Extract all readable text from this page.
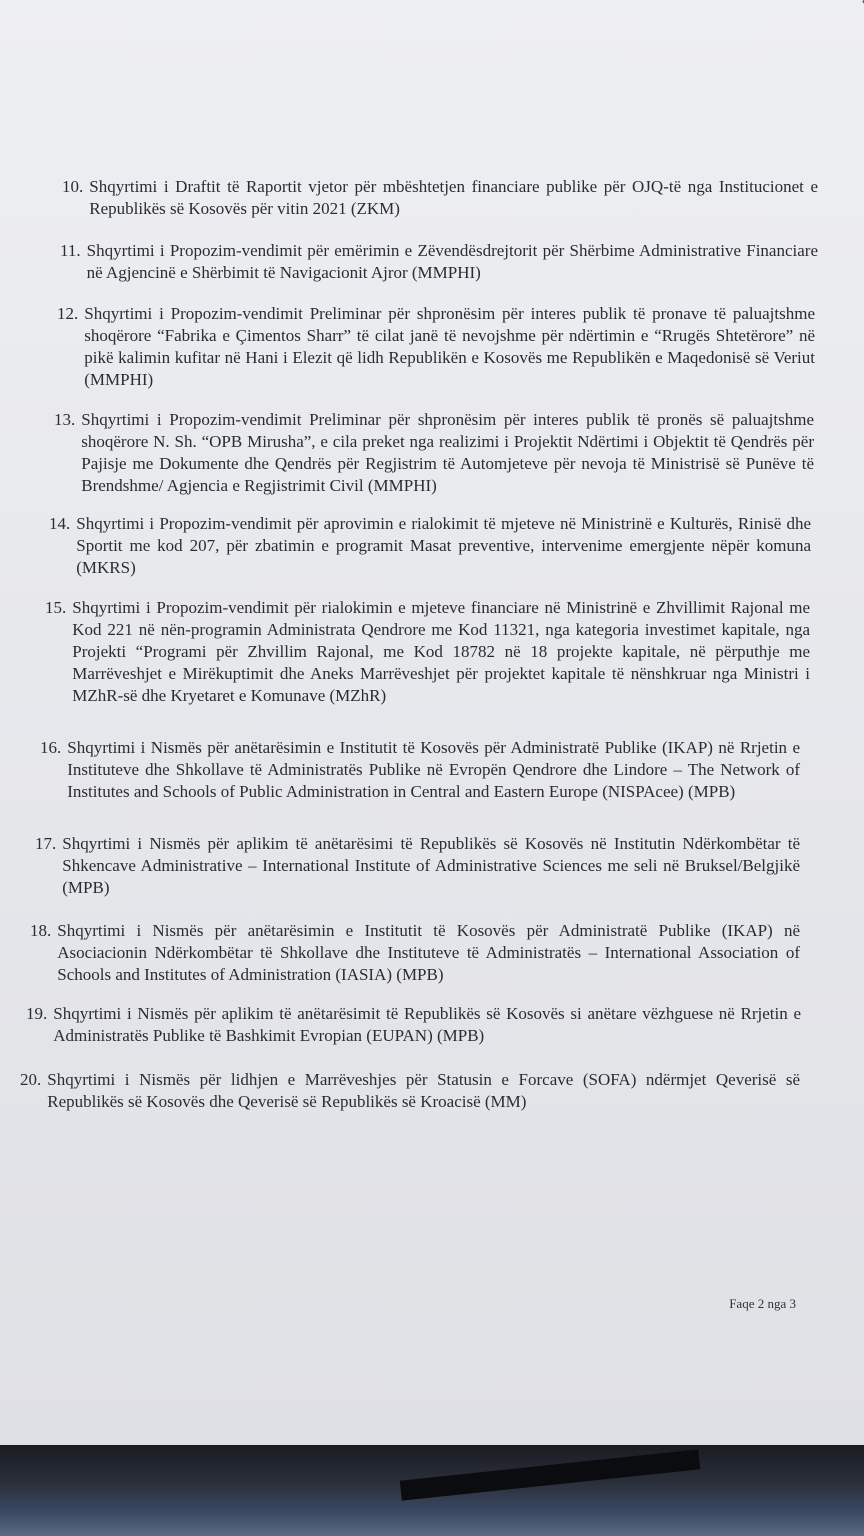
10. Shqyrtimi i Draftit të Raportit vjetor për mbështetjen financiare publike për OJQ-të nga Institucionet e Republikës së Kosovës për vitin 2021 (ZKM)
11. Shqyrtimi i Propozim-vendimit për emërimin e Zëvendësdrejtorit për Shërbime Administrative Financiare në Agjencinë e Shërbimit të Navigacionit Ajror (MMPHI)
12. Shqyrtimi i Propozim-vendimit Preliminar për shpronësim për interes publik të pronave të paluajtshme shoqërore “Fabrika e Çimentos Sharr” të cilat janë të nevojshme për ndërtimin e “Rrugës Shtetërore” në pikë kalimin kufitar në Hani i Elezit që lidh Republikën e Kosovës me Republikën e Maqedonisë së Veriut (MMPHI)
13. Shqyrtimi i Propozim-vendimit Preliminar për shpronësim për interes publik të pronës së paluajtshme shoqërore N. Sh. “OPB Mirusha”, e cila preket nga realizimi i Projektit Ndërtimi i Objektit të Qendrës për Pajisje me Dokumente dhe Qendrës për Regjistrim të Automjeteve për nevoja të Ministrisë së Punëve të Brendshme/ Agjencia e Regjistrimit Civil (MMPHI)
14. Shqyrtimi i Propozim-vendimit për aprovimin e rialokimit të mjeteve në Ministrinë e Kulturës, Rinisë dhe Sportit me kod 207, për zbatimin e programit Masat preventive, intervenime emergjente nëpër komuna (MKRS)
15. Shqyrtimi i Propozim-vendimit për rialokimin e mjeteve financiare në Ministrinë e Zhvillimit Rajonal me Kod 221 në nën-programin Administrata Qendrore me Kod 11321, nga kategoria investimet kapitale, nga Projekti “Programi për Zhvillim Rajonal, me Kod 18782 në 18 projekte kapitale, në përputhje me Marrëveshjet e Mirëkuptimit dhe Aneks Marrëveshjet për projektet kapitale të nënshkruar nga Ministri i MZhR-së dhe Kryetaret e Komunave (MZhR)
16. Shqyrtimi i Nismës për anëtarësimin e Institutit të Kosovës për Administratë Publike (IKAP) në Rrjetin e Instituteve dhe Shkollave të Administratës Publike në Evropën Qendrore dhe Lindore – The Network of Institutes and Schools of Public Administration in Central and Eastern Europe (NISPAcee) (MPB)
17. Shqyrtimi i Nismës për aplikim të anëtarësimi të Republikës së Kosovës në Institutin Ndërkombëtar të Shkencave Administrative – International Institute of Administrative Sciences me seli në Bruksel/Belgjikë (MPB)
18. Shqyrtimi i Nismës për anëtarësimin e Institutit të Kosovës për Administratë Publike (IKAP) në Asociacionin Ndërkombëtar të Shkollave dhe Instituteve të Administratës – International Association of Schools and Institutes of Administration (IASIA) (MPB)
19. Shqyrtimi i Nismës për aplikim të anëtarësimit të Republikës së Kosovës si anëtare vëzhguese në Rrjetin e Administratës Publike të Bashkimit Evropian (EUPAN) (MPB)
20. Shqyrtimi i Nismës për lidhjen e Marrëveshjes për Statusin e Forcave (SOFA) ndërmjet Qeverisë së Republikës së Kosovës dhe Qeverisë së Republikës së Kroacisë (MM)
Faqe 2 nga 3
